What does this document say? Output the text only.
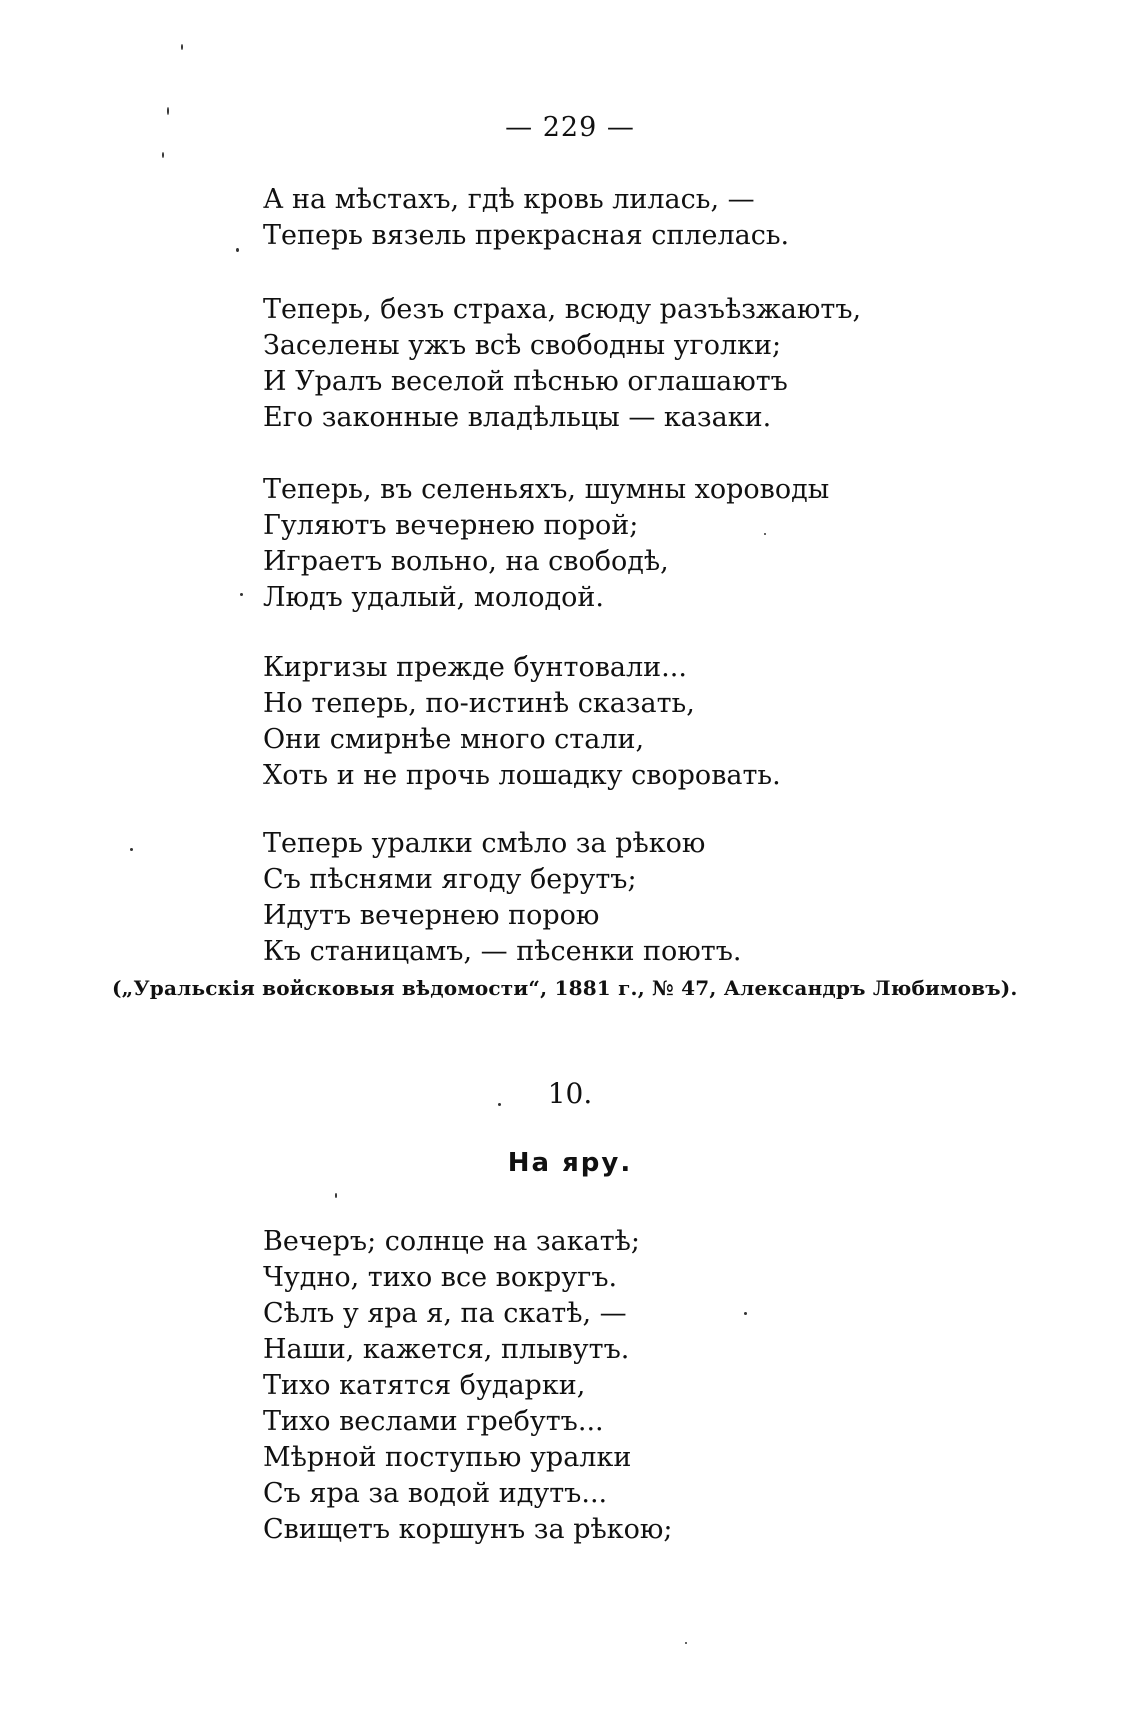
— 229 —
А на мѣстахъ, гдѣ кровь лилась, —
Теперь вязель прекрасная сплелась.
Теперь, безъ страха, всюду разъѣзжаютъ,
Заселены ужъ всѣ свободны уголки;
И Уралъ веселой пѣснью оглашаютъ
Его законные владѣльцы — казаки.
Теперь, въ селеньяхъ, шумны хороводы
Гуляютъ вечернею порой;
Играетъ вольно, на свободѣ,
Людъ удалый, молодой.
Киргизы прежде бунтовали...
Но теперь, по-истинѣ сказать,
Они смирнѣе много стали,
Хоть и не прочь лошадку своровать.
Теперь уралки смѣло за рѣкою
Съ пѣснями ягоду берутъ;
Идутъ вечернею порою
Къ станицамъ, — пѣсенки поютъ.
(„Уральскія войсковыя вѣдомости“, 1881 г., № 47, Александръ Любимовъ).
10.
На яру.
Вечеръ; солнце на закатѣ;
Чудно, тихо все вокругъ.
Сѣлъ у яра я, па скатѣ, —
Наши, кажется, плывутъ.
Тихо катятся бударки,
Тихо веслами гребутъ...
Мѣрной поступью уралки
Съ яра за водой идутъ...
Свищетъ коршунъ за рѣкою;
